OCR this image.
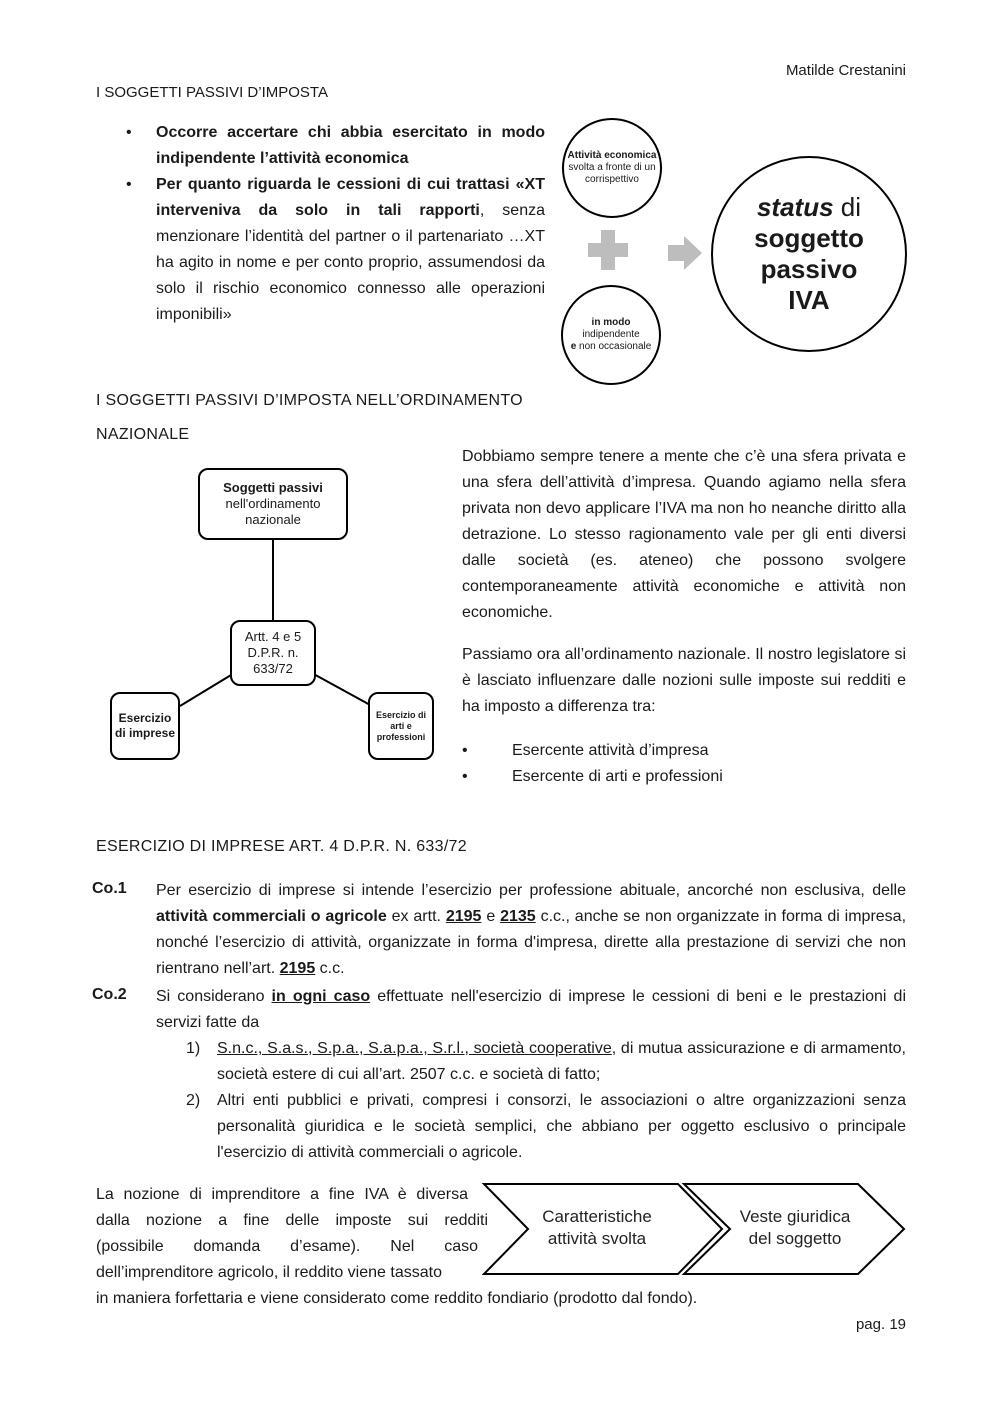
Matilde Crestanini
I SOGGETTI PASSIVI D’IMPOSTA
• Occorre accertare chi abbia esercitato in modo indipendente l’attività economica
• Per quanto riguarda le cessioni di cui trattasi «XT interveniva da solo in tali rapporti, senza menzionare l’identità del partner o il partenariato …XT ha agito in nome e per conto proprio, assumendosi da solo il rischio economico connesso alle operazioni imponibili»
Attività economica
svolta a fronte di un corrispettivo
in modo
indipendente
e non occasionale
status di soggetto passivo IVA
I SOGGETTI PASSIVI D’IMPOSTA NELL’ORDINAMENTO
NAZIONALE
Soggetti passivi
nell'ordinamento nazionale
Artt. 4 e 5 D.P.R. n. 633/72
Esercizio di imprese
Esercizio di arti e professioni
Dobbiamo sempre tenere a mente che c’è una sfera privata e una sfera dell’attività d’impresa. Quando agiamo nella sfera privata non devo applicare l’IVA ma non ho neanche diritto alla detrazione. Lo stesso ragionamento vale per gli enti diversi dalle società (es. ateneo) che possono svolgere contemporaneamente attività economiche e attività non economiche.
Passiamo ora all’ordinamento nazionale. Il nostro legislatore si è lasciato influenzare dalle nozioni sulle imposte sui redditi e ha imposto a differenza tra:
•	Esercente attività d’impresa
•	Esercente di arti e professioni
ESERCIZIO DI IMPRESE ART. 4 D.P.R. N. 633/72
Co.1 Per esercizio di imprese si intende l’esercizio per professione abituale, ancorché non esclusiva, delle attività commerciali o agricole ex artt. 2195 e 2135 c.c., anche se non organizzate in forma di impresa, nonché l’esercizio di attività, organizzate in forma d'impresa, dirette alla prestazione di servizi che non rientrano nell’art. 2195 c.c.
Co.2 Si considerano in ogni caso effettuate nell'esercizio di imprese le cessioni di beni e le prestazioni di servizi fatte da
1) S.n.c., S.a.s., S.p.a., S.a.p.a., S.r.l., società cooperative, di mutua assicurazione e di armamento, società estere di cui all’art. 2507 c.c. e società di fatto;
2) Altri enti pubblici e privati, compresi i consorzi, le associazioni o altre organizzazioni senza personalità giuridica e le società semplici, che abbiano per oggetto esclusivo o principale l'esercizio di attività commerciali o agricole.
La nozione di imprenditore a fine IVA è diversa
dalla nozione a fine delle imposte sui redditi
(possibile domanda d’esame). Nel caso
dell’imprenditore agricolo, il reddito viene tassato
in maniera forfettaria e viene considerato come reddito fondiario (prodotto dal fondo).
Caratteristiche attività svolta
Veste giuridica del soggetto
pag. 19
